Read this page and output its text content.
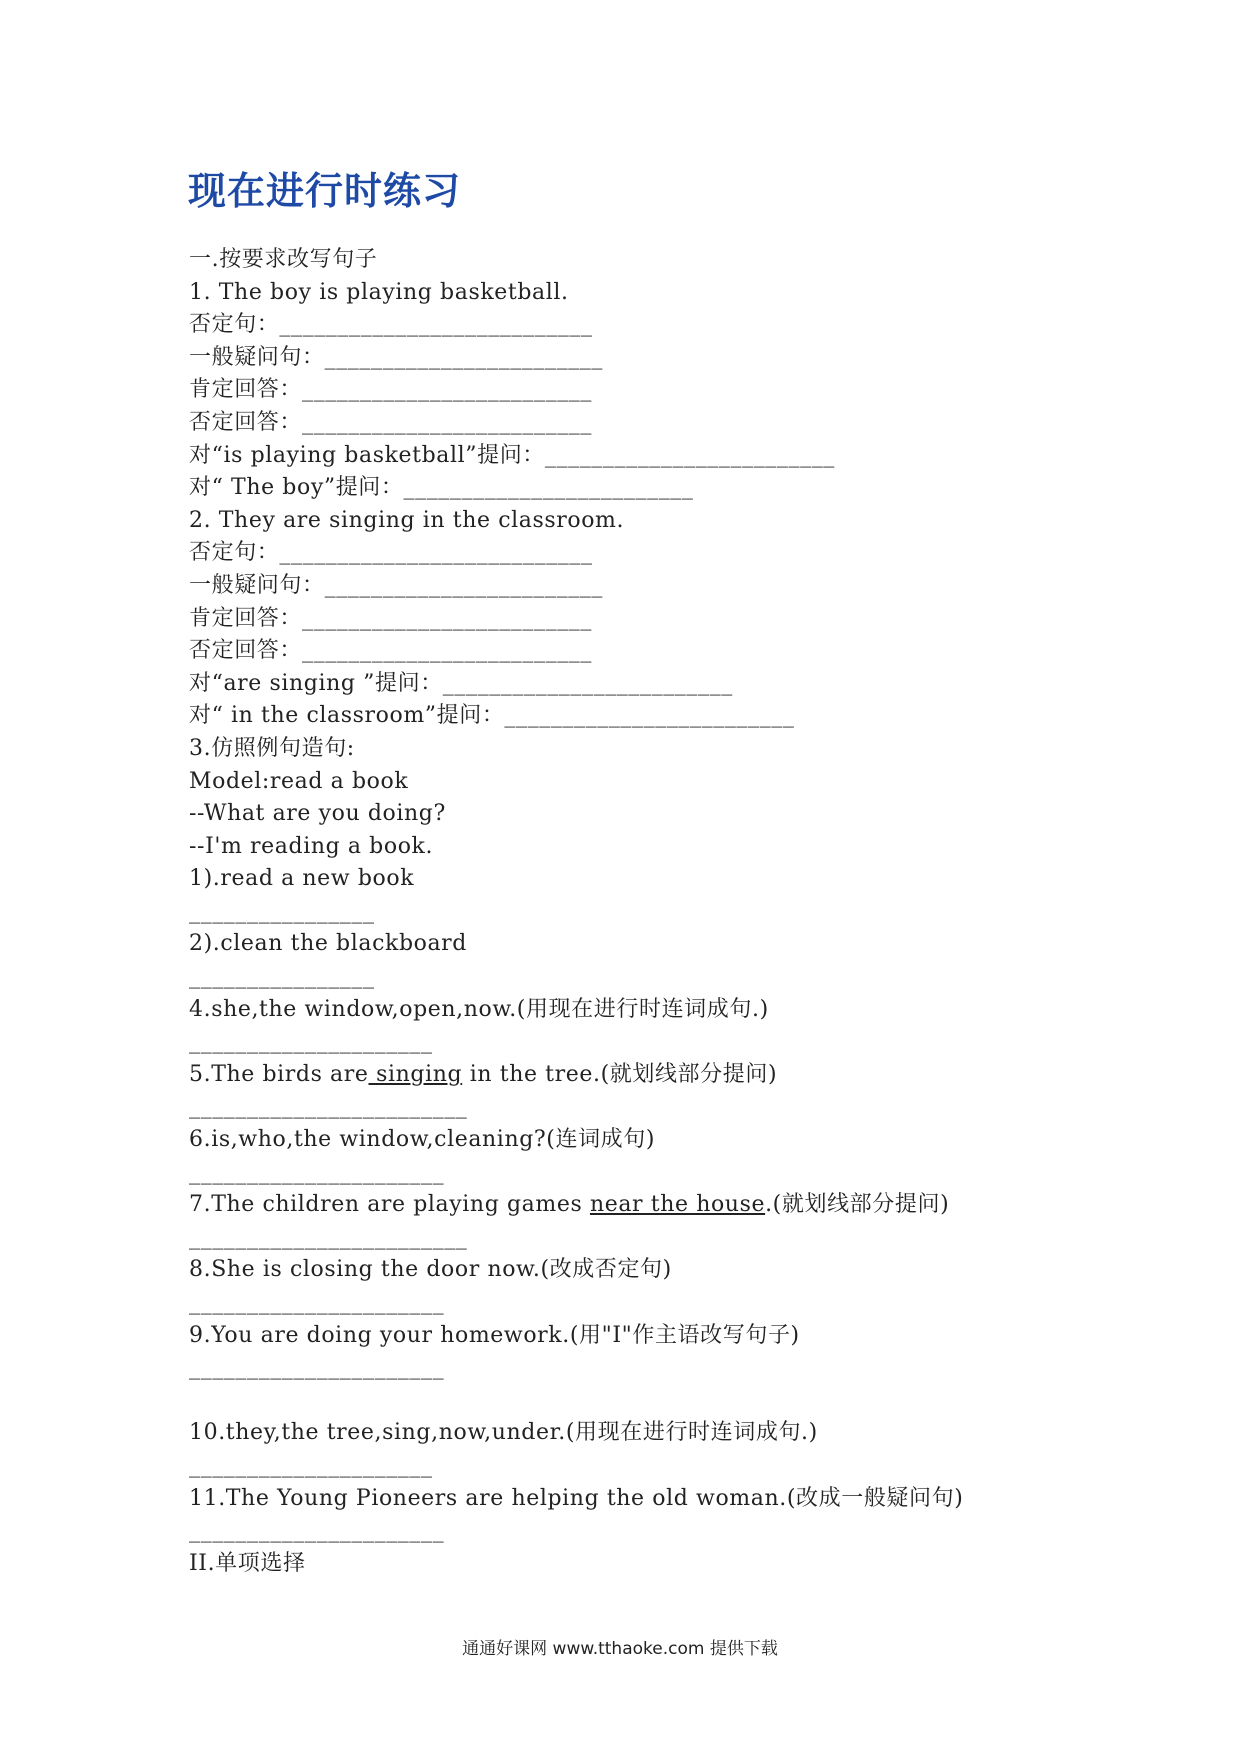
现在进行时练习
一.按要求改写句子
1. The boy is playing basketball.
否定句：___________________________
一般疑问句：________________________
肯定回答：_________________________
否定回答：_________________________
对“is playing basketball”提问：_________________________
对“ The boy”提问：_________________________
2. They are singing in the classroom.
否定句：___________________________
一般疑问句：________________________
肯定回答：_________________________
否定回答：_________________________
对“are singing ”提问：_________________________
对“ in the classroom”提问：_________________________
3.仿照例句造句:
Model:read a book
--What are you doing?
--I'm reading a book.
1).read a new book
________________
2).clean the blackboard
________________
4.she,the window,open,now.(用现在进行时连词成句.)
_____________________
5.The birds are singing in the tree.(就划线部分提问)
________________________
6.is,who,the window,cleaning?(连词成句)
______________________
7.The children are playing games near the house.(就划线部分提问)
________________________
8.She is closing the door now.(改成否定句)
______________________
9.You are doing your homework.(用"I"作主语改写句子)
______________________
10.they,the tree,sing,now,under.(用现在进行时连词成句.)
_____________________
11.The Young Pioneers are helping the old woman.(改成一般疑问句)
______________________
II.单项选择
通通好课网 www.tthaoke.com 提供下载
